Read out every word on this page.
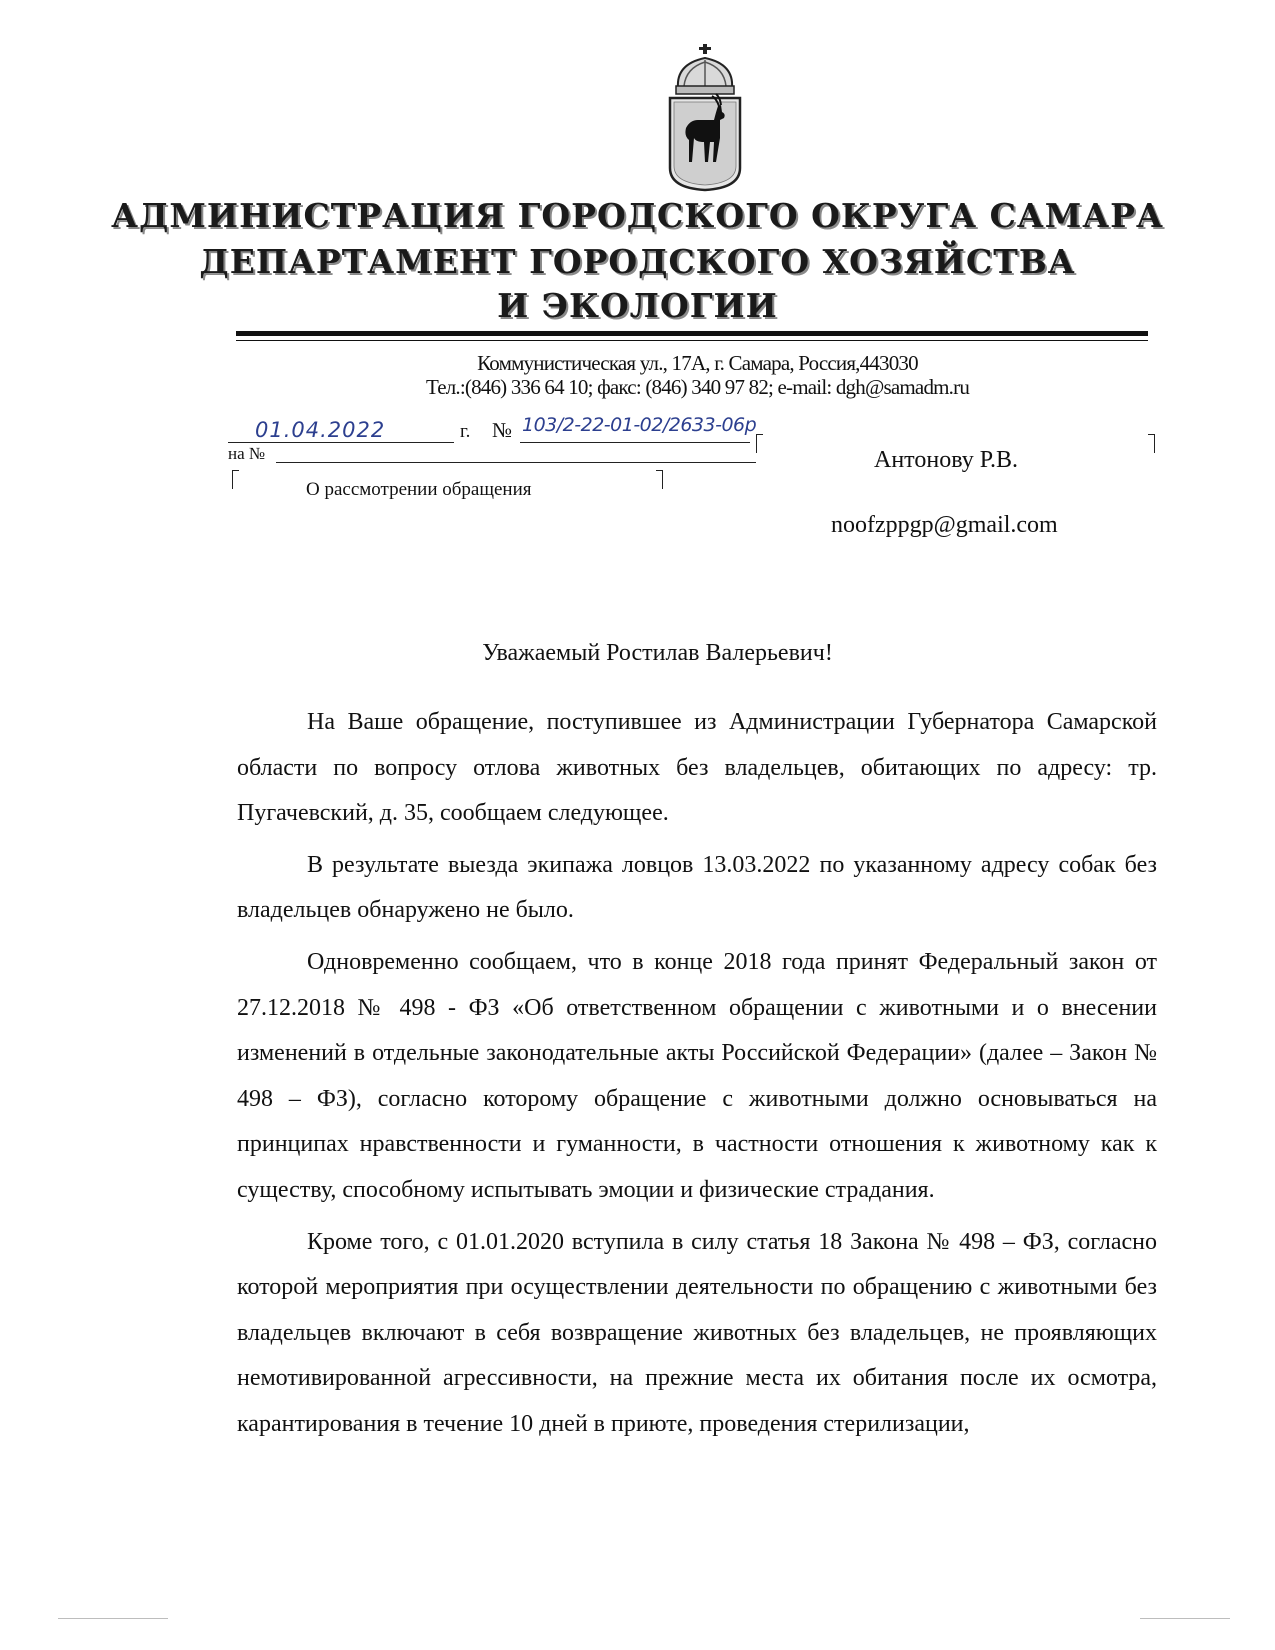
АДМИНИСТРАЦИЯ ГОРОДСКОГО ОКРУГА САМАРА
ДЕПАРТАМЕНТ ГОРОДСКОГО ХОЗЯЙСТВА
И ЭКОЛОГИИ
Коммунистическая ул., 17А, г. Самара, Россия,443030
Тел.:(846) 336 64 10; факс: (846) 340 97 82; e-mail: dgh@samadm.ru
01.04.2022	г. № 103/2-22-01-02/2633-06р
на №
О рассмотрении обращения
Антонову Р.В.
noofzppgp@gmail.com
Уважаемый Ростилав Валерьевич!

На Ваше обращение, поступившее из Администрации Губернатора Самарской области по вопросу отлова животных без владельцев, обитающих по адресу: тр. Пугачевский, д. 35, сообщаем следующее.

В результате выезда экипажа ловцов 13.03.2022 по указанному адресу собак без владельцев обнаружено не было.

Одновременно сообщаем, что в конце 2018 года принят Федеральный закон от 27.12.2018 № 498 - ФЗ «Об ответственном обращении с животными и о внесении изменений в отдельные законодательные акты Российской Федерации» (далее – Закон № 498 – ФЗ), согласно которому обращение с животными должно основываться на принципах нравственности и гуманности, в частности отношения к животному как к существу, способному испытывать эмоции и физические страдания.

Кроме того, с 01.01.2020 вступила в силу статья 18 Закона № 498 – ФЗ, согласно которой мероприятия при осуществлении деятельности по обращению с животными без владельцев включают в себя возвращение животных без владельцев, не проявляющих немотивированной агрессивности, на прежние места их обитания после их осмотра, карантирования в течение 10 дней в приюте, проведения стерилизации,
